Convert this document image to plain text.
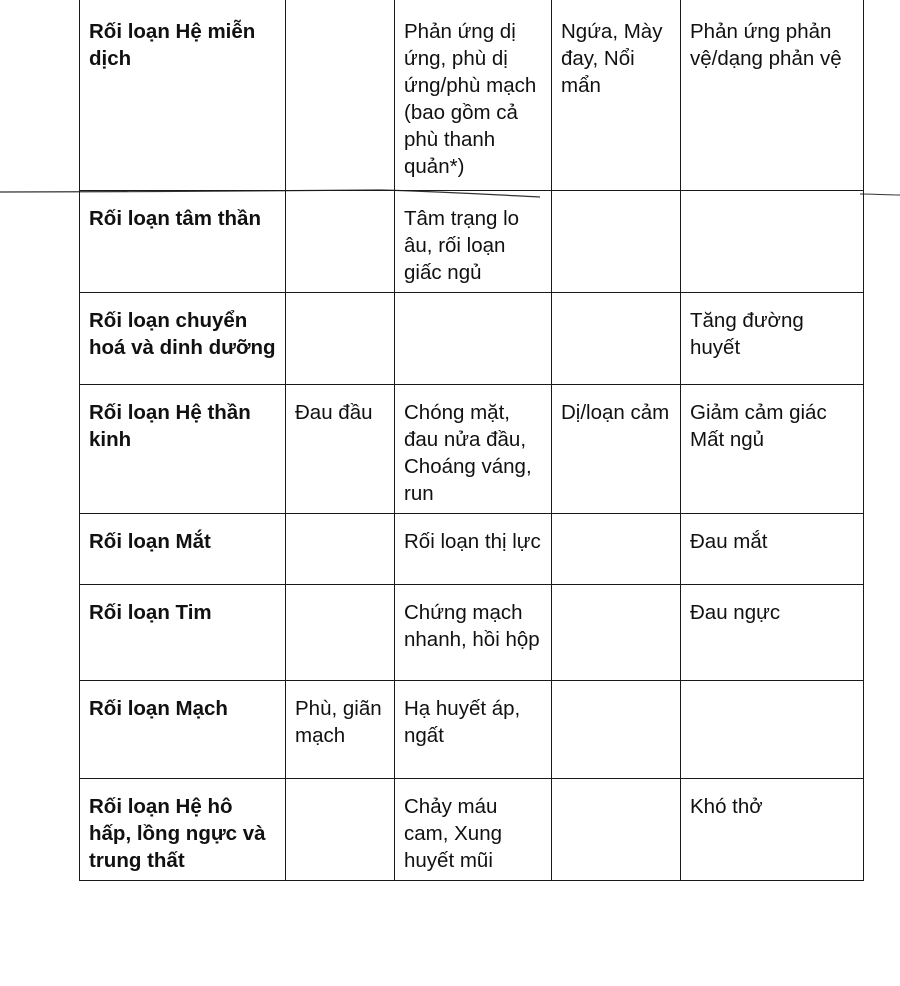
Rối loạn Hệ miễn dịch		Phản ứng dị ứng, phù dị ứng/phù mạch (bao gồm cả phù thanh quản*)	Ngứa, Mày đay, Nổi mẩn	Phản ứng phản vệ/dạng phản vệ

Rối loạn tâm thần		Tâm trạng lo âu, rối loạn giấc ngủ		

Rối loạn chuyển hoá và dinh dưỡng				Tăng đường huyết

Rối loạn Hệ thần kinh	Đau đầu	Chóng mặt, đau nửa đầu, Choáng váng, run	Dị/loạn cảm	Giảm cảm giác Mất ngủ

Rối loạn Mắt		Rối loạn thị lực		Đau mắt

Rối loạn Tim		Chứng mạch nhanh, hồi hộp		Đau ngực

Rối loạn Mạch	Phù, giãn mạch	Hạ huyết áp, ngất		

Rối loạn Hệ hô hấp, lồng ngực và trung thất		Chảy máu cam, Xung huyết mũi		Khó thở
